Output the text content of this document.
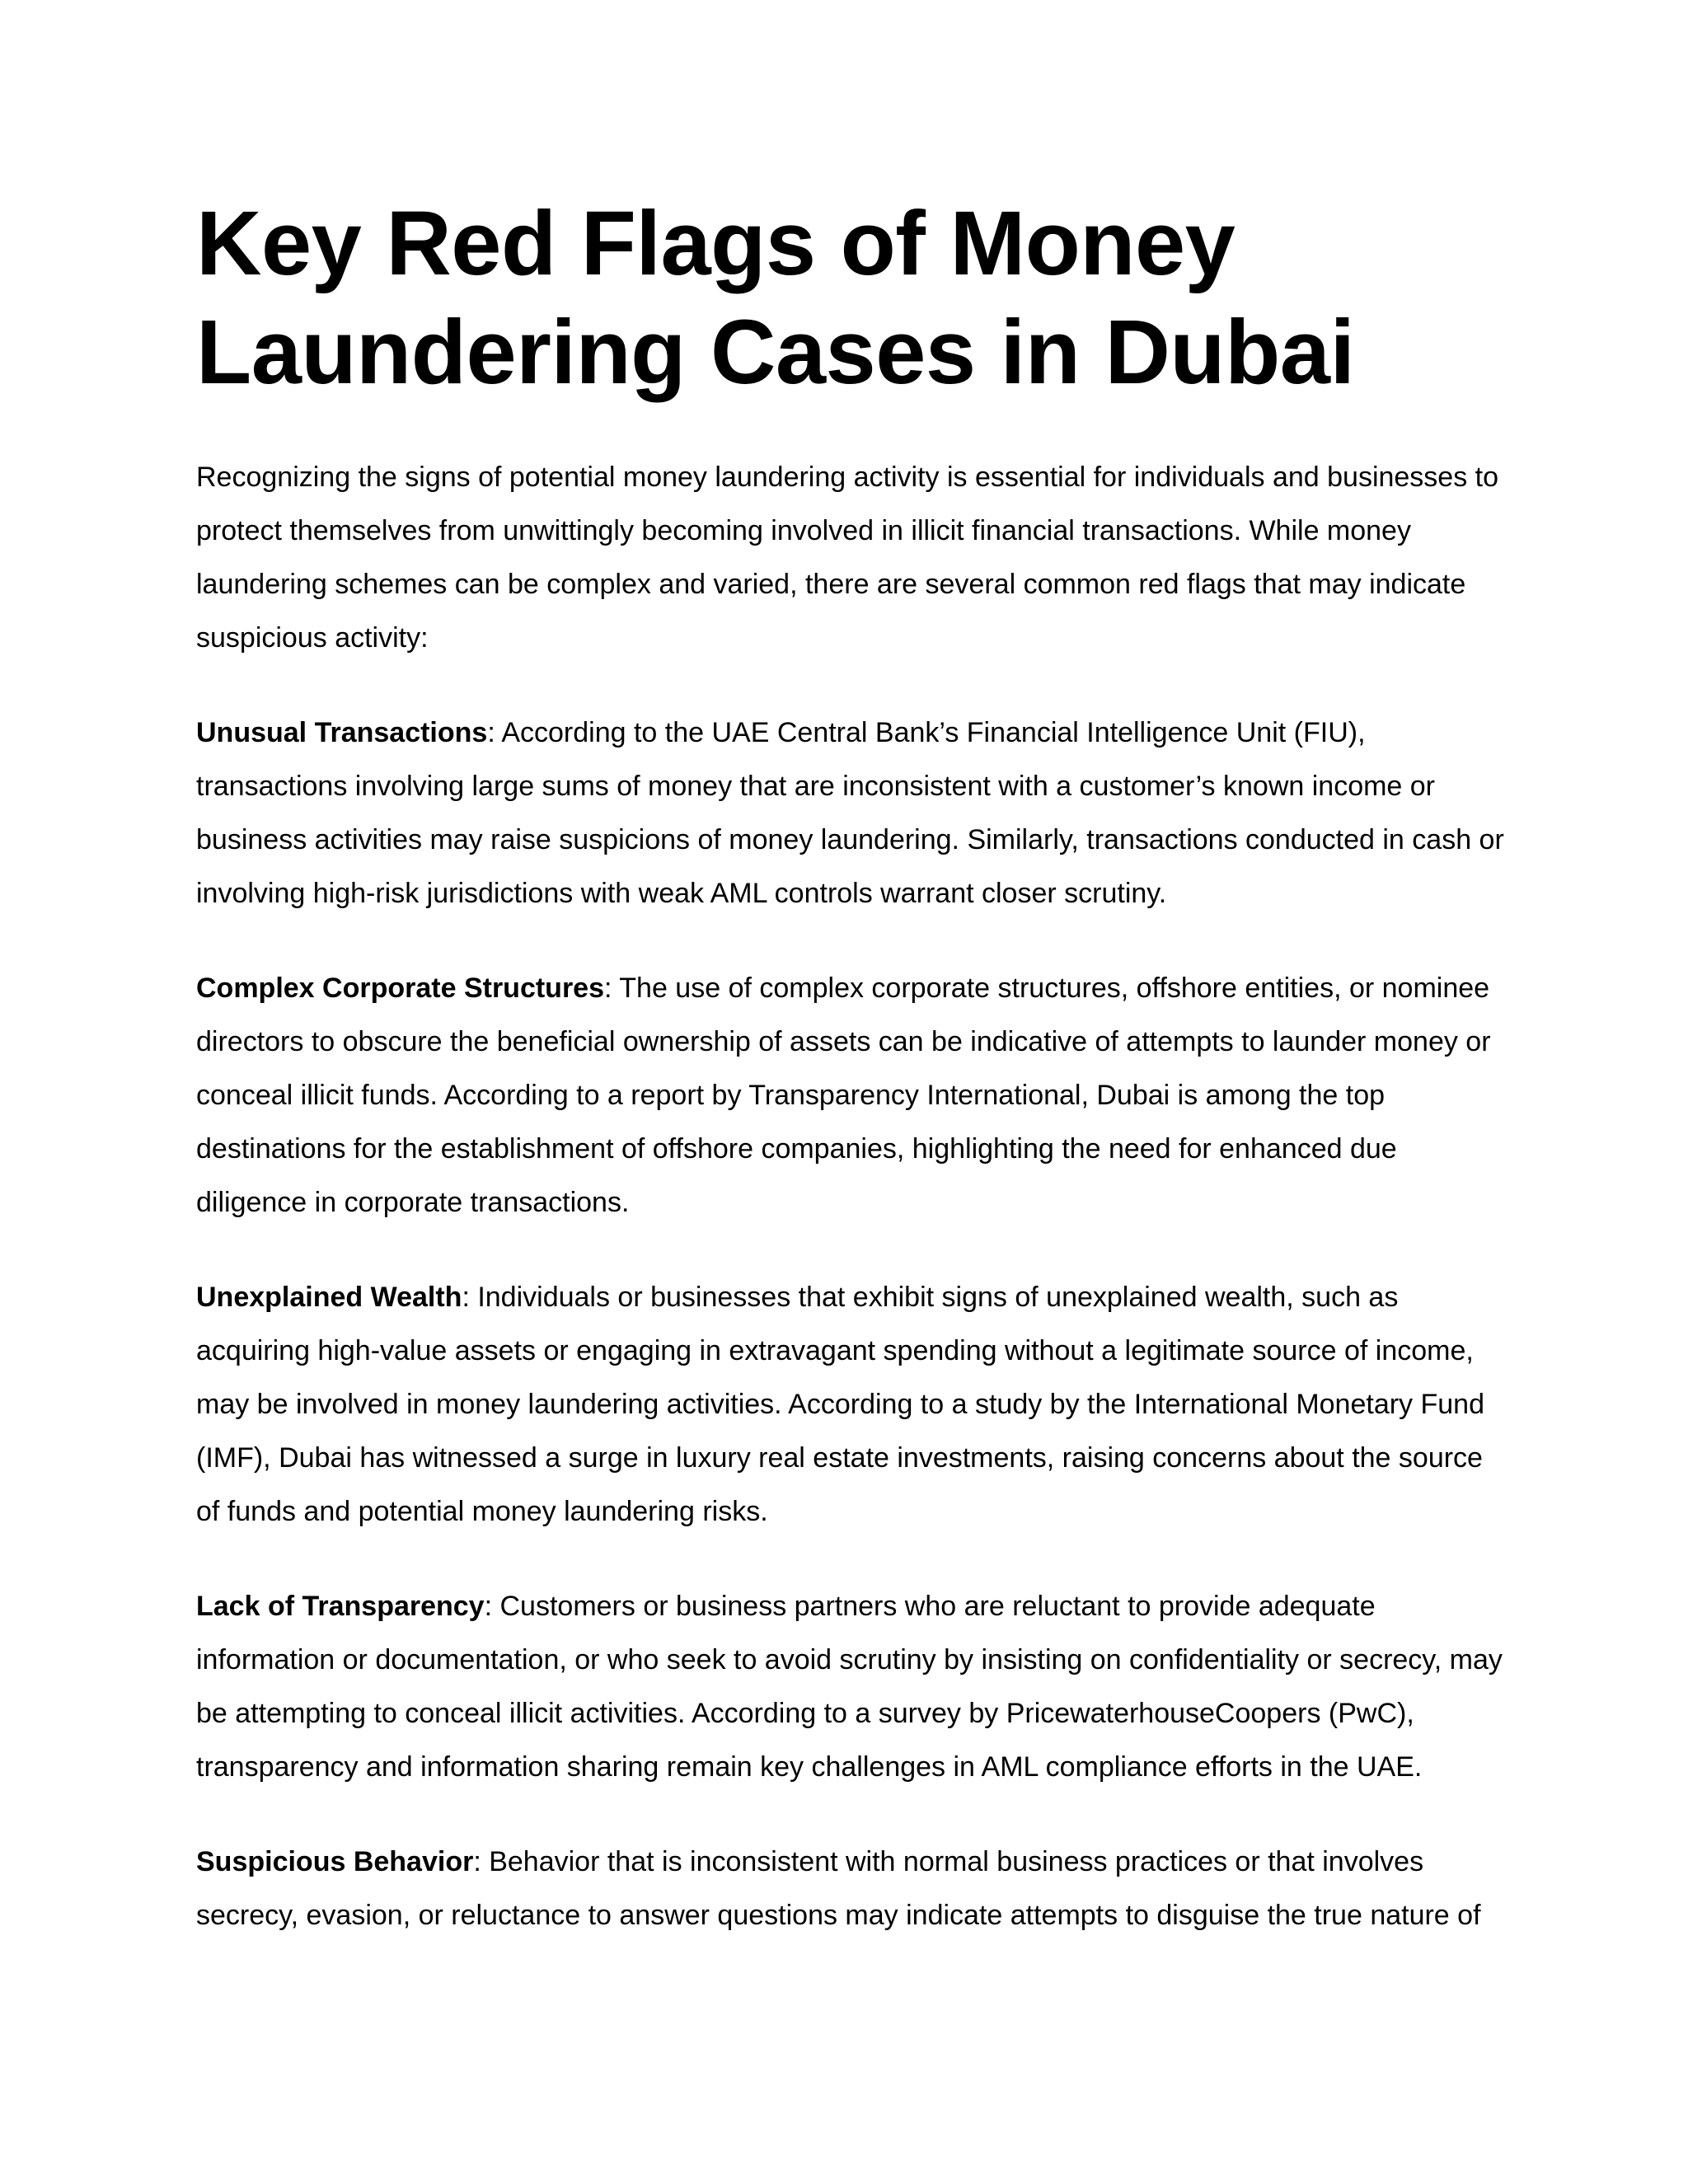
Key Red Flags of Money
Laundering Cases in Dubai

Recognizing the signs of potential money laundering activity is essential for individuals and businesses to protect themselves from unwittingly becoming involved in illicit financial transactions. While money laundering schemes can be complex and varied, there are several common red flags that may indicate suspicious activity:

Unusual Transactions: According to the UAE Central Bank’s Financial Intelligence Unit (FIU), transactions involving large sums of money that are inconsistent with a customer’s known income or business activities may raise suspicions of money laundering. Similarly, transactions conducted in cash or involving high-risk jurisdictions with weak AML controls warrant closer scrutiny.

Complex Corporate Structures: The use of complex corporate structures, offshore entities, or nominee directors to obscure the beneficial ownership of assets can be indicative of attempts to launder money or conceal illicit funds. According to a report by Transparency International, Dubai is among the top destinations for the establishment of offshore companies, highlighting the need for enhanced due diligence in corporate transactions.

Unexplained Wealth: Individuals or businesses that exhibit signs of unexplained wealth, such as acquiring high-value assets or engaging in extravagant spending without a legitimate source of income, may be involved in money laundering activities. According to a study by the International Monetary Fund (IMF), Dubai has witnessed a surge in luxury real estate investments, raising concerns about the source of funds and potential money laundering risks.

Lack of Transparency: Customers or business partners who are reluctant to provide adequate information or documentation, or who seek to avoid scrutiny by insisting on confidentiality or secrecy, may be attempting to conceal illicit activities. According to a survey by PricewaterhouseCoopers (PwC), transparency and information sharing remain key challenges in AML compliance efforts in the UAE.

Suspicious Behavior: Behavior that is inconsistent with normal business practices or that involves secrecy, evasion, or reluctance to answer questions may indicate attempts to disguise the true nature of
